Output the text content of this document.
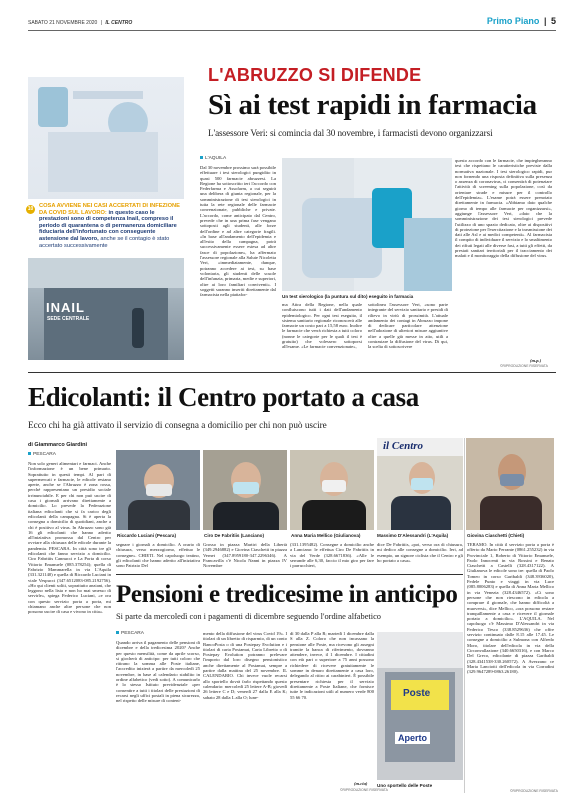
SABATO 21 NOVEMBRE 2020 | IL CENTRO	Primo Piano | 5
10	COSA AVVIENE NEI CASI ACCERTATI DI INFEZIONE DA COVID SUL LAVORO: in questo caso le prestazioni sono di competenza Inail, compreso il periodo di quarantena o di permanenza domiciliare fiduciaria dell'infortunato con conseguente astensione dal lavoro, anche se il contagio è stato accertato successivamente
INAIL
SEDE CENTRALE
L'ABRUZZO SI DIFENDE
Sì ai test rapidi in farmacia
L'assessore Veri: si comincia dal 30 novembre, i farmacisti devono organizzarsi
L'AQUILA
Dal 30 novembre prossimo sarà possibile effettuare i test sierologici pungidito in quasi 500 farmacie abruzzesi. La Regione ha sottoscritto ieri l'accordo con Federfarma e Assofarm, a cui seguirà una delibera di giunta regionale, per la somministrazione di test sierologici in tutta la rete regionale delle farmacie convenzionate, pubbliche e private. L'accordo, come anticipato dal Centro, prevede che in una prima fase vengano sottoposti agli studenti, alle forze dell'ordine e ad altre categorie fragili. «In base all'andamento dell'epidemia e all'esito della campagna, potrà successivamente essere estesa ad altre fasce di popolazione», ha affermato l'assessore regionale alla Salute Nicoletta Veri, «immediatamente, dunque, potranno accedere ai test, su base volontaria, gli studenti delle scuole dell'infanzia, primaria, medie e superiori, oltre ai loro familiari conviventi». I soggetti saranno inseriti direttamente dal farmacista nella piattafor-	Un test sierologico (la puntura sul dito) eseguito in farmacia
ma Attra della Regione, nella quale confluiscono tutti i dati dell'andamento epidemiologico. Per ogni test eseguito, il sistema sanitario regionale riconoscerà alle farmacie un costo pari a 15,58 euro. Inoltre le farmacie che verrà richiesta a tutti coloro (nonne le categorie per le quali il test è gratuito) che volessero sottoporsi all'esame. «Le farmacie convenzionate»,
sottolinea l'assessore Veri, «sono parte integrante del servizio sanitario e presidi di rilievo in virtù di prossimità. L'attuale andamento dei contagi in Abruzzo impone di dedicare particolare attenzione nell'adozione di ulteriori misure aggiuntive oltre a quelle già messe in atto, utili a contrastare la diffusione del virus. Di qui, la scelta di sottoscrivere
questo accordo con le farmacie, che impiegheranno test che rispettano le caratteristiche previste dalla normativa nazionale. I test sierologico rapidi, pur non fornendo una risposta definitiva sulla presenza o assenza di coronavirus, ci consentirà di potenziare l'attività di screening sulla popolazione, così da orientare strade e misure per il controllo dell'epidemia». L'esame potrà essere prenotato direttamente in farmacia. «Abbiamo dato qualche giorno di tempo alle farmacie per organizzarsi», aggiunge l'assessore Veri, «dato che la somministrazione dei test sierologici prevede l'utilizzo di uno spazio dedicato, oltre ai dispositivi di protezione per l'esercitazione e la trasmissione dei dati alle Asl e ai medici competenti». Al farmacista il compito di individuare il servizio e lo smaltimento dei rifiuti legati alle diverse fasi, a tutti gli effetti, da prestati sanitari territoriali per il tracciamento dei malati e il monitoraggio della diffusione del virus.
(m.p.)
©RIPRODUZIONE RISERVATA
Edicolanti: il Centro portato a casa
Ecco chi ha già attivato il servizio di consegna a domicilio per chi non può uscire
di Giammarco Giardini
PESCARA
Non solo generi alimentari e farmaci. Anche l'informazione è un bene primario. Soprattutto in questi tempi. Al pari di supermercati e farmacie, le edicole restano aperte, anche se l'Abruzzo è zona rossa, perché rappresentano un presidio sociale irrinunciabile. E per chi non può uscire di casa i giornali arrivano direttamente a domicilio. Lo prevede la Federazione italiana edicolanti che si fa carico degli edicolanti della campagna. Si è aperta la consegna a domicilio di quotidiani, anche a chi è positivo al virus. In Abruzzo sono già 16 gli edicolanti che hanno aderito all'iniziativa promossa dal Centro per ovviare alla chiusura delle edicole durante la pandemia. PESCARA. In città sono tre gli edicolanti che fanno servizio a domicilio. Ciro Fabritiis Cannucci e La Porta di corso Vittorio Emanuele (085.378254); quella di Fabrizio Mammarella in via L'Aquila (331.321140) e quella di Riccardo Luciani in viale Vespucci (347.6512083-085.2192756). «Ho qui clienti soliti, soprattutto anziani, che leggono nella lista e non ho mai smesso di servirle», spiega Federico Luciani, «e ora con questo servizio porta a porta, mi chiamano anche altre persone che non possono uscire di casa e vivono in citta».
il Centro
Riccardo Luciani (Pescara)	Ciro De Fabritiis (Lanciano)	Anna Maria Mellico (Giulianova)	Massimo D'Alessandri (L'Aquila)	Giovina Ciaschetti (Chieti)
segnare i giornali a domicilio. A orario di chiusura, verso mezzogiorno, effettuo le consegne». CHIETI. Nel capoluogo teatino, gli edicolanti che hanno aderito all'iniziativa sono Patrizio Del
Grosso in piazza Martiri della Libertà (349.2946882) e Giovina Ciaschetti in piazza Vernet (347.8959180-347.2296346). A Francavilla c'è Nicola Nanni in piazza IV Novembre
(331.1395482). Consegne a domicilio anche a Lanciano: le effettua Ciro De Fabritiis in via del Verde (328.6671836). «Alle le serrande alle 6,30, faccio il mio giro per fare i parrucchieri,
dice De Fabritiis, «poi, verso ora di chiusura, mi dedico alle consegne a domicilio. Ieri, ad esempio, un signore ciclista che il Centro e gli ho portato a casa».
TERAMO. In città il servizio porta a porta è offerto da Mario Ferrante (0861.255232) in via Provinciale 1, Roberto di Vittorio Emanuele, Paolo Innocenti in via Rossini e Renato Ciaschetti a Castelli (328.4317122). A Giulianova le edicole sono tre: quella di Paolo Tomeo in corso Garibaldi (348.3936020), Fedele Punto e viaggi in via Luce (085.8006283) e quella di Anna Maria Mellico in via Venezia (328.4346572). «Ci sono persone che non riescono in edicola a comprare il giornale, che hanno difficoltà a muoversi», dice Mellico, «ora possono restare tranquillamente a casa e ricevere il giornale portato a domicilio». L'AQUILA. Nel capoluogo c'è Massimo D'Alessandri in via Federico Tesco (338.8529636) che offre servizio continuato dalle 8.15 alle 17.45. Le consegne a domicilio a Sulmona con Alfredo Moro, titolare dell'edicola in via della Circonvallazione (340.6650316), e con Marco Del Greco, edicolante di piazza Garibaldi (328.4341538-330.260572). A Avezzano ce Maria Lanciotti dell'edicola in via Corradini (329.9647289-0863.26180).
©RIPRODUZIONE RISERVATA
Pensioni e tredicesime in anticipo
Si parte da mercoledì con i pagamenti di dicembre seguendo l'ordine alfabetico
PESCARA
Quando arriva il pagamento delle pensioni di dicembre e della tredicesima 2020? Anche per questo mensilità, come da aprile scorso, si giocherà di anticipo: per tutti coloro che ritirano la somma alle Poste italiane, l'accredito inizierà a partire da mercoledì 25 novembre, in base al calendario stabilito in ordine alfabetico (vedi sotto). A comunicarlo è lo stesso Istituto previdenziale «per consentire a tutti i titolari delle prestazioni di recarsi negli uffici postali in piena sicurezza, nel rispetto delle misure di conteni-
mento della diffusione del virus Covid 19». I titolari di un libretto di risparmio, di un conto BancoPosta o di una Postepay Evolution e i titolari di carta Postamat, Carta Libretto o di Postepay Evolution potranno prelevare l'importo dal loro disegno pensionistico anche direttamente al Postamat, sempre a partire dalla mattina del 25 novembre. IL CALENDARIO. Chi invece vuole recarsi allo sportello dovrà farlo rispettando questo calendario: mercoledì 25 lettere A-B; giovedì 26 lettere C e D; venerdì 27 dalla E alla K; sabato 28 dalla L alla O; lune-
dì 30 dalla P alla R; martedì 1 dicembre dalla S alla Z. Coloro che non incassano la pensione alle Poste, ma ricevono gli assegni tramite la banca di riferimento, dovranno attendere, invece, il 1 dicembre. I cittadini con età pari o superiore a 75 anni possono richiedere di ricevere gratuitamente le somme in denaro direttamente a casa loro, delegando al ritiro ai carabinieri. È possibile presentare richiesta per il servizio direttamente a Poste Italiane, che fornisce tutte le indicazioni utili al numero verde 800 55 66 70.
(m.cia)
©RIPRODUZIONE RISERVATA
Poste
Aperto
Uno sportello delle Poste
